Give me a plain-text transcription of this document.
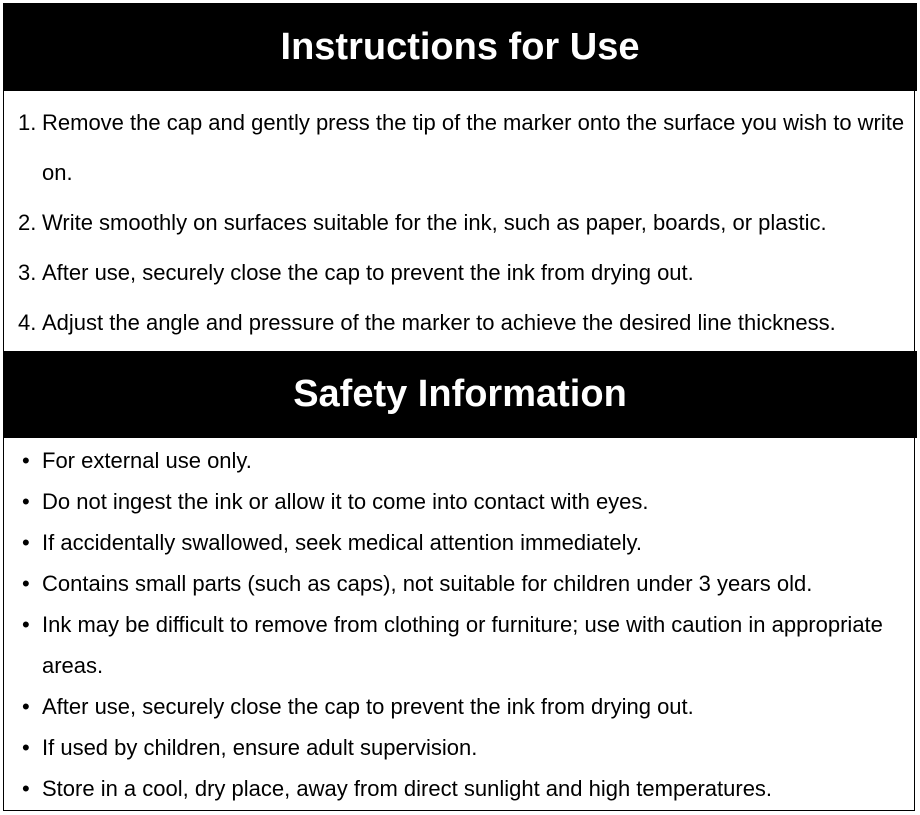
Instructions for Use
1. Remove the cap and gently press the tip of the marker onto the surface you wish to write on.
2. Write smoothly on surfaces suitable for the ink, such as paper, boards, or plastic.
3. After use, securely close the cap to prevent the ink from drying out.
4. Adjust the angle and pressure of the marker to achieve the desired line thickness.
Safety Information
• For external use only.
• Do not ingest the ink or allow it to come into contact with eyes.
• If accidentally swallowed, seek medical attention immediately.
• Contains small parts (such as caps), not suitable for children under 3 years old.
• Ink may be difficult to remove from clothing or furniture; use with caution in appropriate areas.
• After use, securely close the cap to prevent the ink from drying out.
• If used by children, ensure adult supervision.
• Store in a cool, dry place, away from direct sunlight and high temperatures.
